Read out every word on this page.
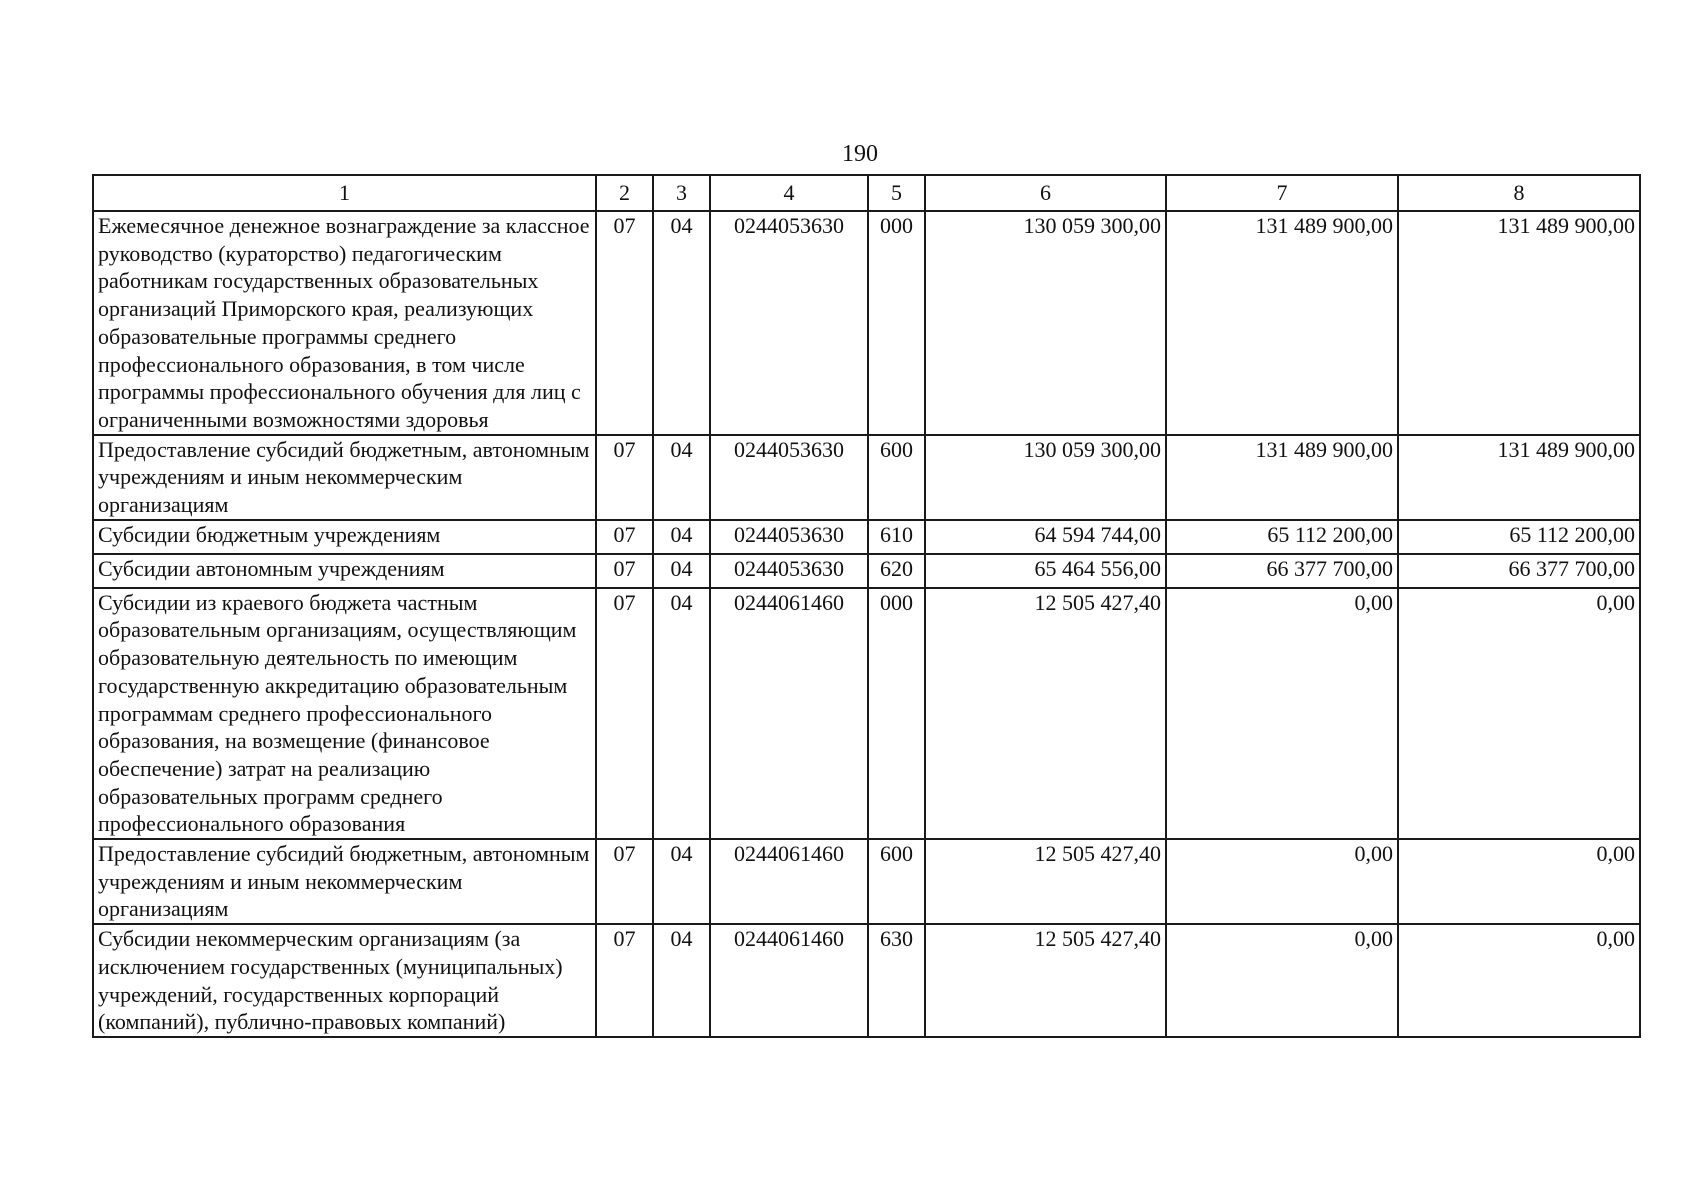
190
1	2	3	4	5	6	7	8
Ежемесячное денежное вознаграждение за классное руководство (кураторство) педагогическим работникам государственных образовательных организаций Приморского края, реализующих образовательные программы среднего профессионального образования, в том числе программы профессионального обучения для лиц с ограниченными возможностями здоровья	07	04	0244053630	000	130 059 300,00	131 489 900,00	131 489 900,00
Предоставление субсидий бюджетным, автономным учреждениям и иным некоммерческим организациям	07	04	0244053630	600	130 059 300,00	131 489 900,00	131 489 900,00
Субсидии бюджетным учреждениям	07	04	0244053630	610	64 594 744,00	65 112 200,00	65 112 200,00
Субсидии автономным учреждениям	07	04	0244053630	620	65 464 556,00	66 377 700,00	66 377 700,00
Субсидии из краевого бюджета частным образовательным организациям, осуществляющим образовательную деятельность по имеющим государственную аккредитацию образовательным программам среднего профессионального образования, на возмещение (финансовое обеспечение) затрат на реализацию образовательных программ среднего профессионального образования	07	04	0244061460	000	12 505 427,40	0,00	0,00
Предоставление субсидий бюджетным, автономным учреждениям и иным некоммерческим организациям	07	04	0244061460	600	12 505 427,40	0,00	0,00
Субсидии некоммерческим организациям (за исключением государственных (муниципальных) учреждений, государственных корпораций (компаний), публично-правовых компаний)	07	04	0244061460	630	12 505 427,40	0,00	0,00
